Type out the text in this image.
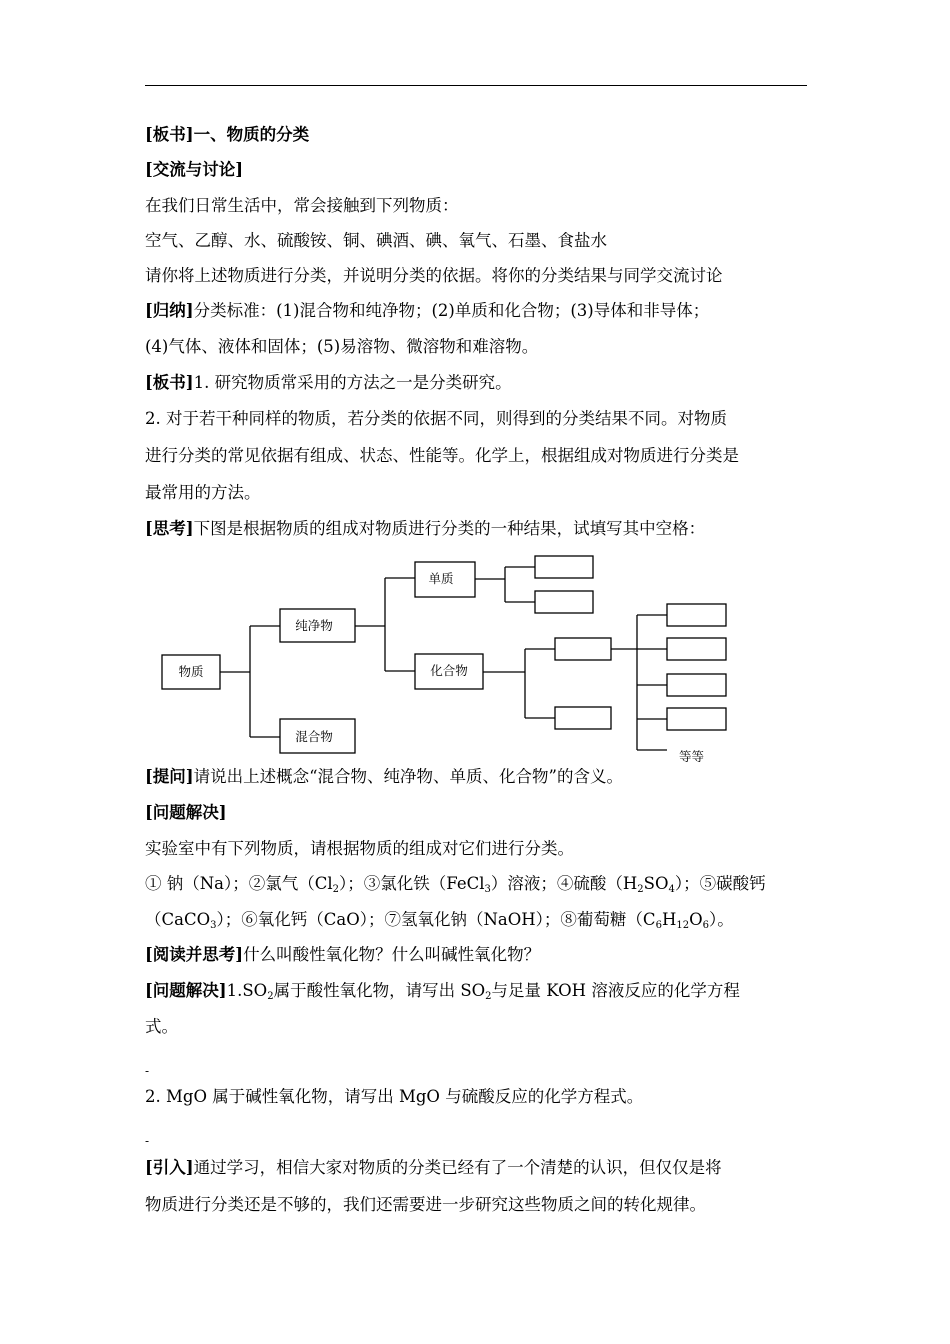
[板书]一、物质的分类
[交流与讨论]
在我们日常生活中，常会接触到下列物质：
空气、乙醇、水、硫酸铵、铜、碘酒、碘、氧气、石墨、食盐水
请你将上述物质进行分类，并说明分类的依据。将你的分类结果与同学交流讨论
[归纳]分类标准：(1)混合物和纯净物；(2)单质和化合物；(3)导体和非导体；
(4)气体、液体和固体；(5)易溶物、微溶物和难溶物。
[板书]1. 研究物质常采用的方法之一是分类研究。
2. 对于若干种同样的物质，若分类的依据不同，则得到的分类结果不同。对物质
进行分类的常见依据有组成、状态、性能等。化学上，根据组成对物质进行分类是
最常用的方法。
[思考]下图是根据物质的组成对物质进行分类的一种结果，试填写其中空格：
物质
纯净物
混合物
单质
化合物
等等
[提问]请说出上述概念“混合物、纯净物、单质、化合物”的含义。
[问题解决]
实验室中有下列物质，请根据物质的组成对它们进行分类。
① 钠（Na）；②氯气$(Cl_2)$；③氯化铁（FeCl$_3$）溶液；④硫酸$(H_2SO_4)$；⑤碳酸钙
（CaCO$_3$）；⑥氧化钙（CaO）；⑦氢氧化钠（NaOH）；⑧葡萄糖$(C_6H_{12}O_6)$。
[阅读并思考]什么叫酸性氧化物？什么叫碱性氧化物？
[问题解决]$1.SO_2$属于酸性氧化物，请写出 $SO_2$与足量 KOH 溶液反应的化学方程
式。
-
2. MgO 属于碱性氧化物，请写出 MgO 与硫酸反应的化学方程式。
-
[引入]通过学习，相信大家对物质的分类已经有了一个清楚的认识，但仅仅是将
物质进行分类还是不够的，我们还需要进一步研究这些物质之间的转化规律。
